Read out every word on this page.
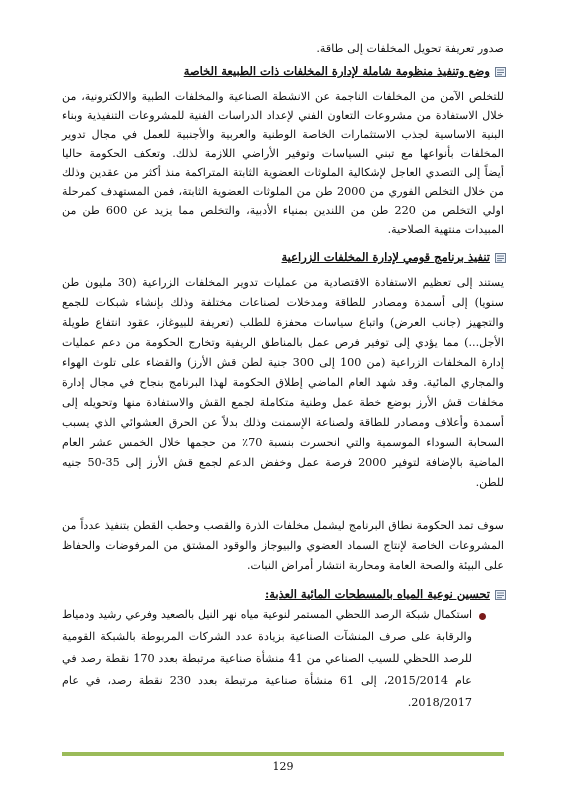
صدور تعريفة تحويل المخلفات إلى طاقة.
وضع وتنفيذ منظومة شاملة لإدارة المخلفات ذات الطبيعة الخاصة
للتخلص الآمن من المخلفات الناجمة عن الانشطة الصناعية والمخلفات الطبية والالكترونية، من
خلال الاستفادة من مشروعات التعاون الفني لإعداد الدراسات الفنية للمشروعات التنفيذية وبناء
البنية الاساسية لجذب الاستثمارات الخاصة الوطنية والعربية والأجنبية للعمل في مجال تدوير
المخلفات بأنواعها مع تبني السياسات وتوفير الأراضي اللازمة لذلك. وتعكف الحكومة حاليا
أيضاً إلى التصدي العاجل لإشكالية الملوثات العضوية الثابتة المتراكمة منذ أكثر من عقدين وذلك
من خلال التخلص الفوري من 2000 طن من الملوثات العضوية الثابتة، فمن المستهدف كمرحلة
اولي التخلص من 220 طن من اللندين بمنياء الأدبية، والتخلص مما يزيد عن 600 طن من
المبيدات منتهية الصلاحية.
تنفيذ برنامج قومي لإدارة المخلفات الزراعية
يستند إلى تعظيم الاستفادة الاقتصادية من عمليات تدوير المخلفات الزراعية (30 مليون طن
سنويا) إلى أسمدة ومصادر للطاقة ومدخلات لصناعات مختلفة وذلك بإنشاء شبكات للجمع
والتجهيز (جانب العرض) واتباع سياسات محفزة للطلب (تعريفة للبيوغاز، عقود انتفاع طويلة
الأجل...) مما يؤدي إلى توفير فرص عمل بالمناطق الريفية وتخارج الحكومة من دعم عمليات
إدارة المخلفات الزراعية (من 100 إلى 300 جنية لطن قش الأرز) والقضاء على تلوث الهواء
والمجاري المائية. وقد شهد العام الماضي إطلاق الحكومة لهذا البرنامج بنجاح في مجال إدارة
مخلفات قش الأرز بوضع خطة عمل وطنية متكاملة لجمع القش والاستفادة منها وتحويله إلى
أسمدة وأعلاف ومصادر للطاقة ولصناعة الإسمنت وذلك بدلاً عن الحرق العشوائي الذي يسبب
السحابة السوداء الموسمية والتي انحسرت بنسبة 70٪ من حجمها خلال الخمس عشر العام
الماضية بالإضافة لتوفير 2000 فرصة عمل وخفض الدعم لجمع قش الأرز إلى 35-50 جنيه
للطن.
سوف تمد الحكومة نطاق البرنامج ليشمل مخلفات الذرة والقصب وحطب القطن بتنفيذ عدداً من
المشروعات الخاصة لإنتاج السماد العضوي والبيوجاز والوقود المشتق من المرفوضات والحفاظ
على البيئة والصحة العامة ومحاربة انتشار أمراض النبات.
تحسين نوعية المياه بالمسطحات المائية العذبة:
استكمال شبكة الرصد اللحظي المستمر لنوعية مياه نهر النيل بالصعيد وفرعي رشيد ودمياط
والرقابة على صرف المنشآت الصناعية بزيادة عدد الشركات المربوطة بالشبكة القومية
للرصد اللحظي للسيب الصناعي من 41 منشأة صناعية مرتبطة بعدد 170 نقطة رصد في
عام 2015/2014، إلى 61 منشأة صناعية مرتبطة بعدد 230 نقطة رصد، في عام
2018/2017.
129
